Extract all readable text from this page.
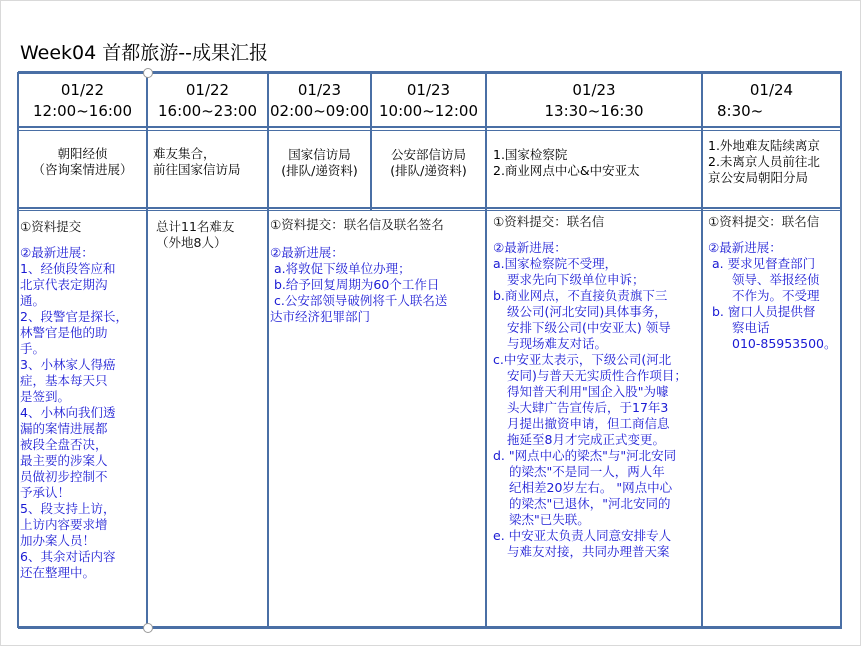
Week04 首都旅游--成果汇报
01/22
12:00~16:00
01/22
16:00~23:00
01/23
02:00~09:00
01/23
10:00~12:00
01/23
13:30~16:30
01/24
8:30~
朝阳经侦
（咨询案情进展）
难友集合，
前往国家信访局
国家信访局
(排队/递资料)
公安部信访局
(排队/递资料)
1.国家检察院
2.商业网点中心&中安亚太
1.外地难友陆续离京
2.未离京人员前往北
京公安局朝阳分局
①资料提交
②最新进展：
1、经侦段答应和
北京代表定期沟
通。
2、段警官是探长，
林警官是他的助
手。
3、小林家人得癌
症，基本每天只
是签到。
4、小林向我们透
漏的案情进展都
被段全盘否决，
最主要的涉案人
员做初步控制不
予承认！
5、段支持上访，
上访内容要求增
加办案人员！
6、其余对话内容
还在整理中。
总计11名难友
（外地8人）
①资料提交：联名信及联名签名
②最新进展：
a.将敦促下级单位办理；
b.给予回复周期为60个工作日
c.公安部领导破例将千人联名送
达市经济犯罪部门
①资料提交：联名信
②最新进展：
a.国家检察院不受理，
要求先向下级单位申诉；
b.商业网点，不直接负责旗下三
级公司(河北安同)具体事务，
安排下级公司(中安亚太) 领导
与现场难友对话。
c.中安亚太表示，下级公司(河北
安同)与普天无实质性合作项目；
得知普天利用"国企入股"为噱
头大肆广告宣传后，于17年3
月提出撤资申请，但工商信息
拖延至8月才完成正式变更。
d. "网点中心的梁杰"与"河北安同
的梁杰"不是同一人，两人年
纪相差20岁左右。 "网点中心
的梁杰"已退休，"河北安同的
梁杰"已失联。
e. 中安亚太负责人同意安排专人
与难友对接，共同办理普天案
①资料提交：联名信
②最新进展：
a. 要求见督查部门
领导、举报经侦
不作为。不受理
b. 窗口人员提供督
察电话
010-85953500。
